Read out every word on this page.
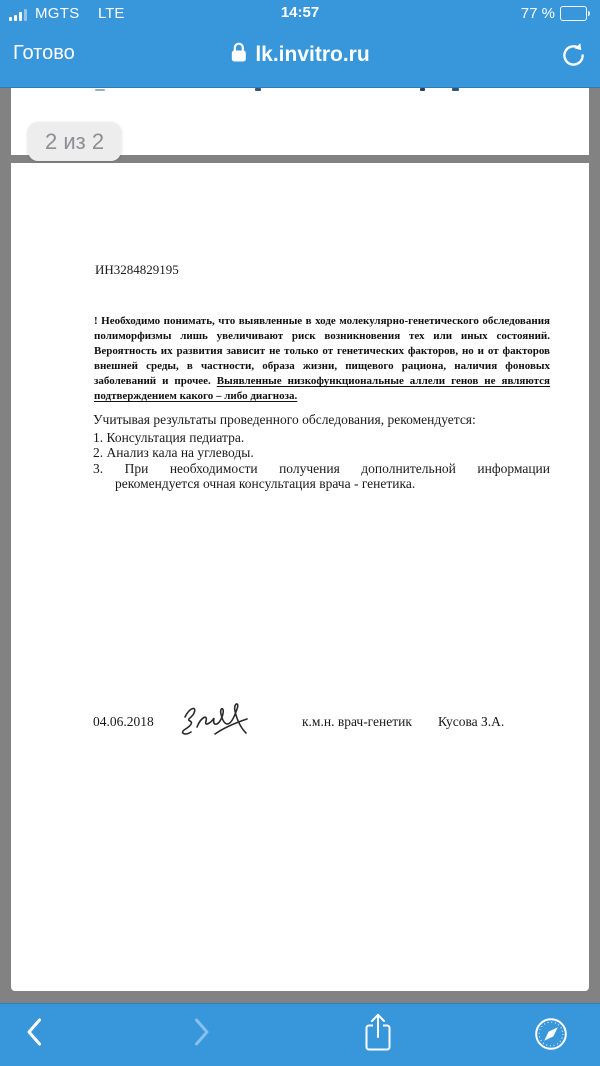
MGTS LTE	14:57	77 %
Готово	lk.invitro.ru
2 из 2
ИН3284829195
! Необходимо понимать, что выявленные в ходе молекулярно-генетического обследования
полиморфизмы лишь увеличивают риск возникновения тех или иных состояний.
Вероятность их развития зависит не только от генетических факторов, но и от факторов
внешней среды, в частности, образа жизни, пищевого рациона, наличия фоновых
заболеваний и прочее. Выявленные низкофункциональные аллели генов не являются
подтверждением какого – либо диагноза.
Учитывая результаты проведенного обследования, рекомендуется:
1. Консультация педиатра.
2. Анализ кала на углеводы.
3. При необходимости получения дополнительной информации
рекомендуется очная консультация врача - генетика.
04.06.2018	к.м.н. врач-генетик Кусова З.А.
